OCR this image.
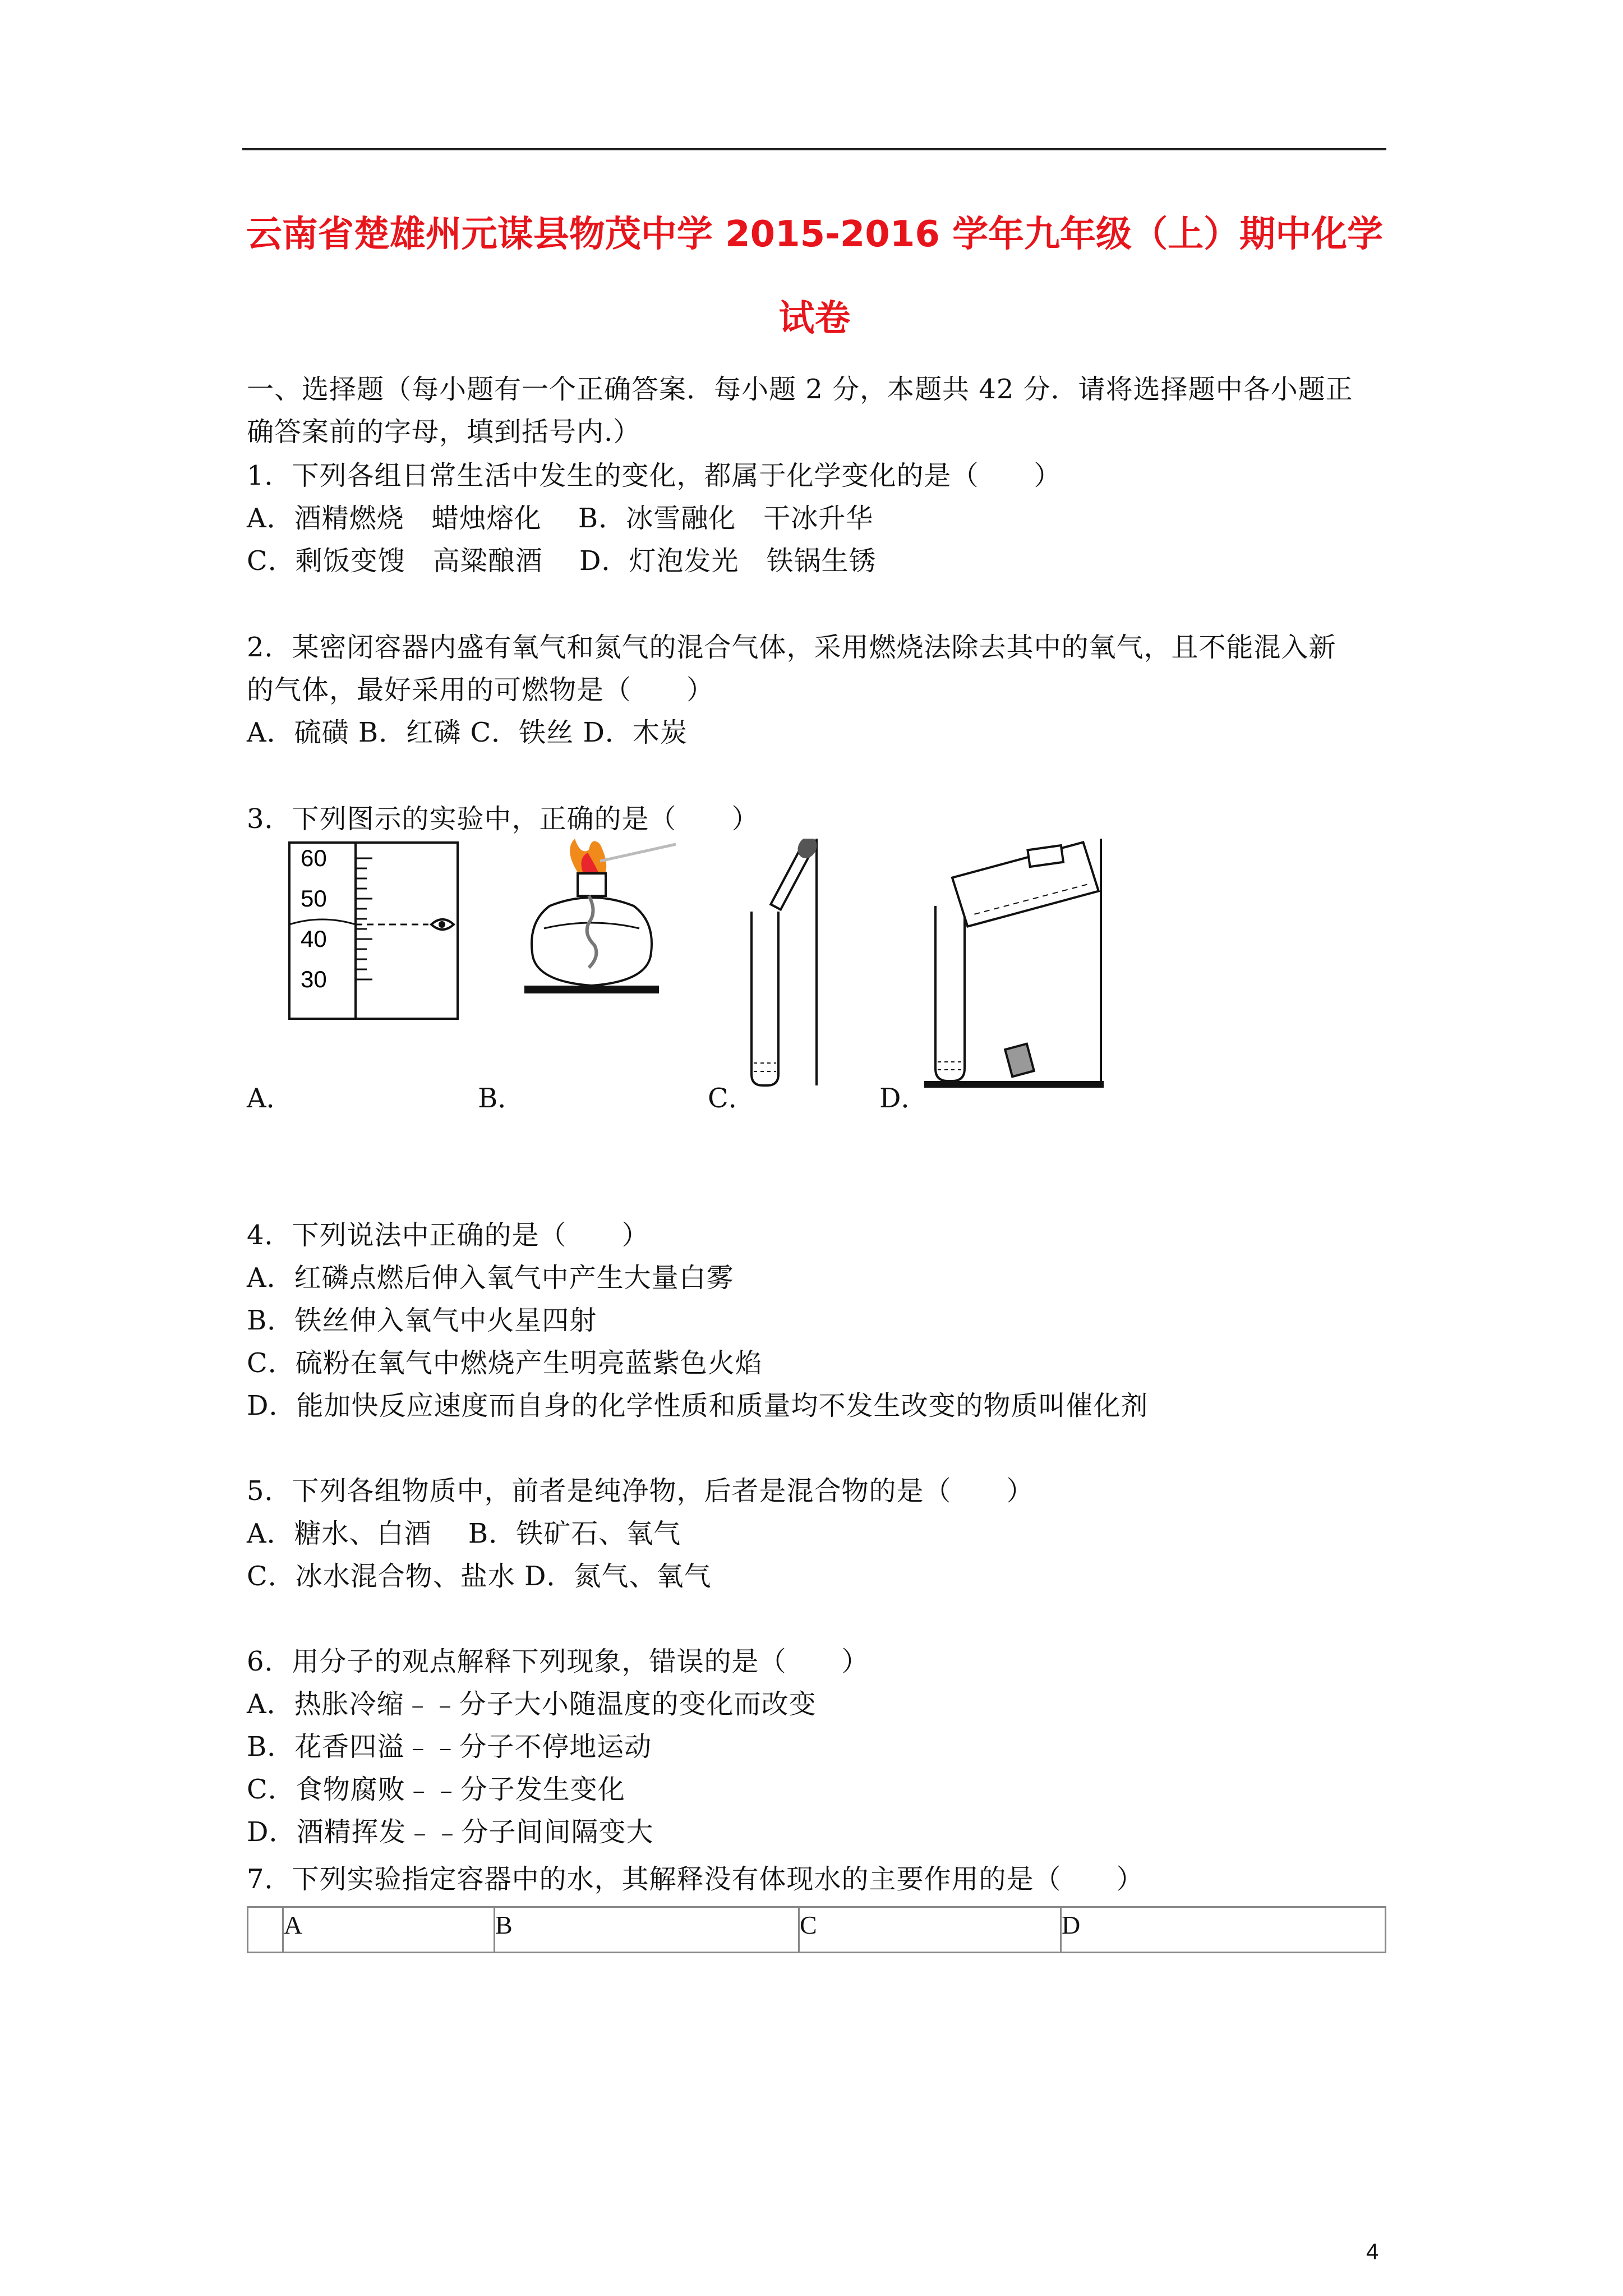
云南省楚雄州元谋县物茂中学 2015-2016 学年九年级（上）期中化学
试卷
一、选择题（每小题有一个正确答案．每小题 2 分，本题共 42 分．请将选择题中各小题正
确答案前的字母，填到括号内.）
1．下列各组日常生活中发生的变化，都属于化学变化的是（　　）
A．酒精燃烧　蜡烛熔化　 B．冰雪融化　干冰升华
C．剩饭变馊　高粱酿酒　 D．灯泡发光　铁锅生锈
2．某密闭容器内盛有氧气和氮气的混合气体，采用燃烧法除去其中的氧气，且不能混入新
的气体，最好采用的可燃物是（　　）
A．硫磺 B．红磷 C．铁丝 D．木炭
3．下列图示的实验中，正确的是（　　）
60
50
40
30
A．	B．	C．	D．
4．下列说法中正确的是（　　）
A．红磷点燃后伸入氧气中产生大量白雾
B．铁丝伸入氧气中火星四射
C．硫粉在氧气中燃烧产生明亮蓝紫色火焰
D．能加快反应速度而自身的化学性质和质量均不发生改变的物质叫催化剂
5．下列各组物质中，前者是纯净物，后者是混合物的是（　　）
A．糖水、白酒　 B．铁矿石、氧气
C．冰水混合物、盐水 D．氮气、氧气
6．用分子的观点解释下列现象，错误的是（　　）
A．热胀冷缩﹣﹣分子大小随温度的变化而改变
B．花香四溢﹣﹣分子不停地运动
C．食物腐败﹣﹣分子发生变化
D．酒精挥发﹣﹣分子间间隔变大
7．下列实验指定容器中的水，其解释没有体现水的主要作用的是（　　）
	A	B	C	D
4
